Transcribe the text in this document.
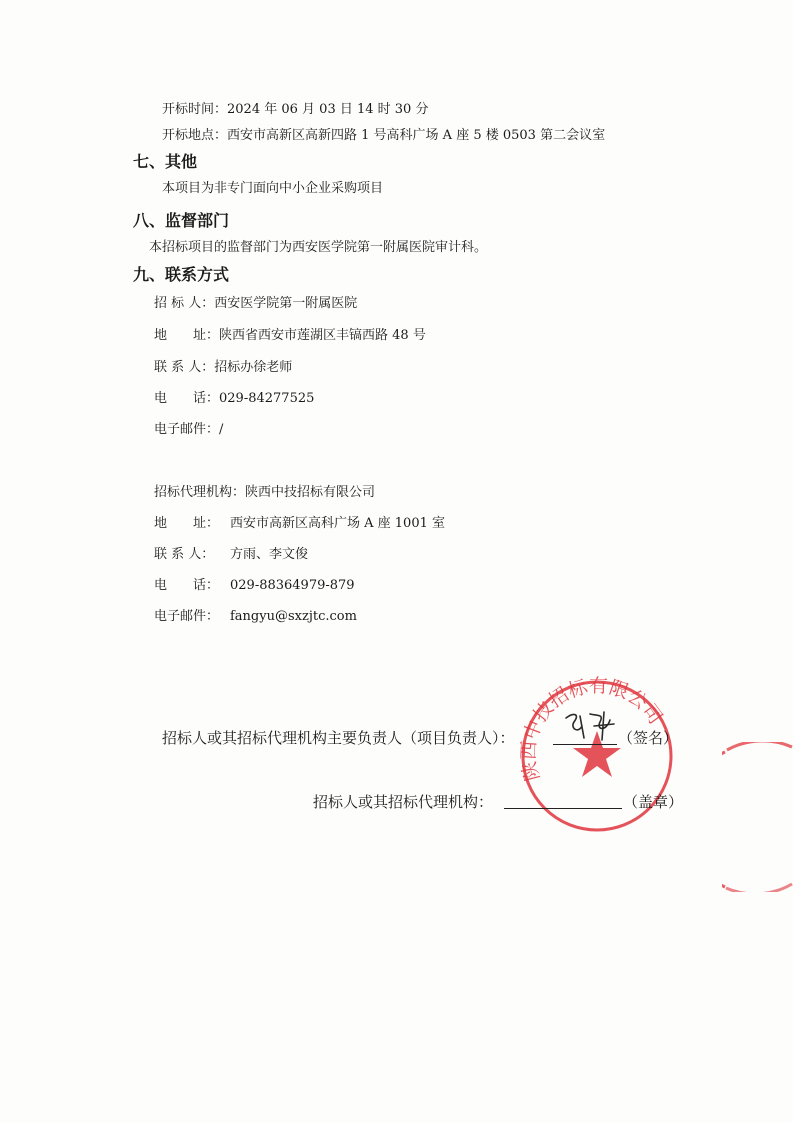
开标时间：2024 年 06 月 03 日 14 时 30 分
开标地点：西安市高新区高新四路 1 号高科广场 A 座 5 楼 0503 第二会议室
七、其他
本项目为非专门面向中小企业采购项目
八、监督部门
本招标项目的监督部门为西安医学院第一附属医院审计科。
九、联系方式
招 标 人：西安医学院第一附属医院
地　　址：陕西省西安市莲湖区丰镐西路 48 号
联 系 人：招标办徐老师
电　　话：029-84277525
电子邮件：/
招标代理机构：陕西中技招标有限公司
地　　址： 西安市高新区高科广场 A 座 1001 室
联 系 人： 方雨、李文俊
电　　话： 029-88364979-879
电子邮件： fangyu@sxzjtc.com
陕西中技招标有限公司
招标人或其招标代理机构主要负责人（项目负责人）：	（签名）
招标人或其招标代理机构：	（盖章）
